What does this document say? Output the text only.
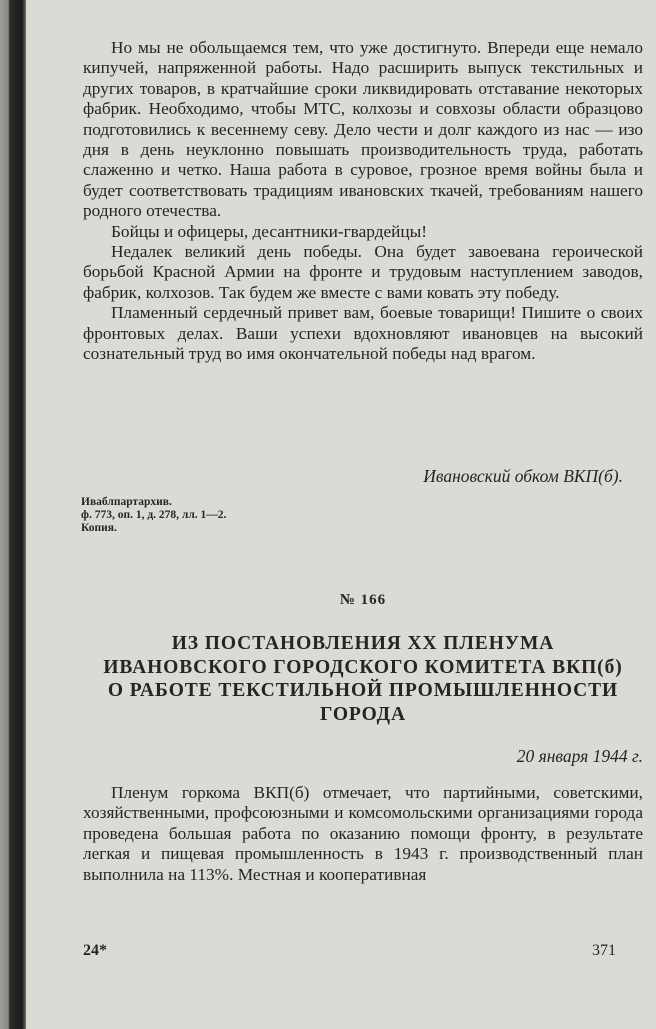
Но мы не обольщаемся тем, что уже достигнуто. Впереди еще немало кипучей, напряженной работы. Надо расширить выпуск текстильных и других товаров, в кратчайшие сроки ликвидировать отставание некоторых фабрик. Необходимо, чтобы МТС, колхозы и совхозы области образцово подготовились к весеннему севу. Дело чести и долг каждого из нас — изо дня в день неуклонно повышать производительность труда, работать слаженно и четко. Наша работа в суровое, грозное время войны была и будет соответствовать традициям ивановских ткачей, требованиям нашего родного отечества.

Бойцы и офицеры, десантники-гвардейцы!

Недалек великий день победы. Она будет завоевана героической борьбой Красной Армии на фронте и трудовым наступлением заводов, фабрик, колхозов. Так будем же вместе с вами ковать эту победу.

Пламенный сердечный привет вам, боевые товарищи! Пишите о своих фронтовых делах. Ваши успехи вдохновляют ивановцев на высокий сознательный труд во имя окончательной победы над врагом.

Ивановский обком ВКП(б).
Иваблпартархив.
ф. 773, оп. 1, д. 278, лл. 1—2.
Копия.
№ 166
ИЗ ПОСТАНОВЛЕНИЯ XX ПЛЕНУМА
ИВАНОВСКОГО ГОРОДСКОГО КОМИТЕТА ВКП(б)
О РАБОТЕ ТЕКСТИЛЬНОЙ ПРОМЫШЛЕННОСТИ
ГОРОДА
20 января 1944 г.

Пленум горкома ВКП(б) отмечает, что партийными, советскими, хозяйственными, профсоюзными и комсомольскими организациями города проведена большая работа по оказанию помощи фронту, в результате легкая и пищевая промышленность в 1943 г. производственный план выполнила на 113%. Местная и кооперативная

24*	371
